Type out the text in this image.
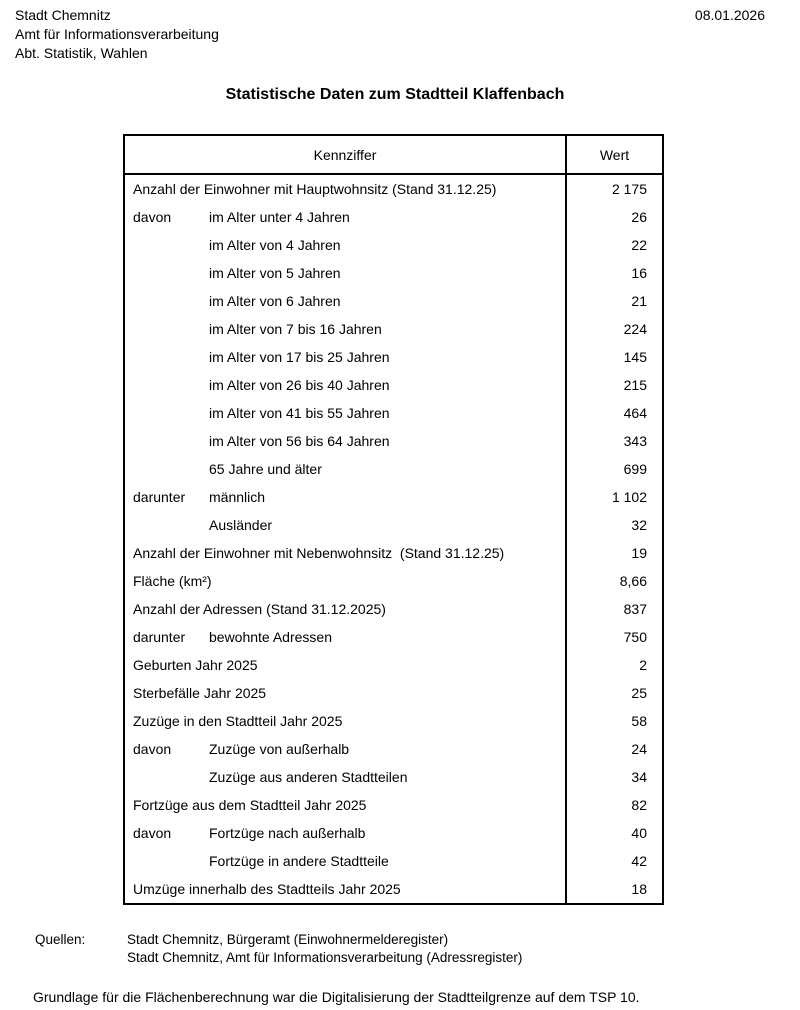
Stadt Chemnitz
Amt für Informationsverarbeitung
Abt. Statistik, Wahlen
08.01.2026
Statistische Daten zum Stadtteil Klaffenbach
Kennziffer	Wert
Anzahl der Einwohner mit Hauptwohnsitz (Stand 31.12.25)	2 175
davon	im Alter unter 4 Jahren	26
im Alter von 4 Jahren	22
im Alter von 5 Jahren	16
im Alter von 6 Jahren	21
im Alter von 7 bis 16 Jahren	224
im Alter von 17 bis 25 Jahren	145
im Alter von 26 bis 40 Jahren	215
im Alter von 41 bis 55 Jahren	464
im Alter von 56 bis 64 Jahren	343
65 Jahre und älter	699
darunter	männlich	1 102
Ausländer	32
Anzahl der Einwohner mit Nebenwohnsitz  (Stand 31.12.25)	19
Fläche (km²)	8,66
Anzahl der Adressen (Stand 31.12.2025)	837
darunter	bewohnte Adressen	750
Geburten Jahr 2025	2
Sterbefälle Jahr 2025	25
Zuzüge in den Stadtteil Jahr 2025	58
davon	Zuzüge von außerhalb	24
Zuzüge aus anderen Stadtteilen	34
Fortzüge aus dem Stadtteil Jahr 2025	82
davon	Fortzüge nach außerhalb	40
Fortzüge in andere Stadtteile	42
Umzüge innerhalb des Stadtteils Jahr 2025	18
Quellen:	Stadt Chemnitz, Bürgeramt (Einwohnermelderegister)
Stadt Chemnitz, Amt für Informationsverarbeitung (Adressregister)
Grundlage für die Flächenberechnung war die Digitalisierung der Stadtteilgrenze auf dem TSP 10.
